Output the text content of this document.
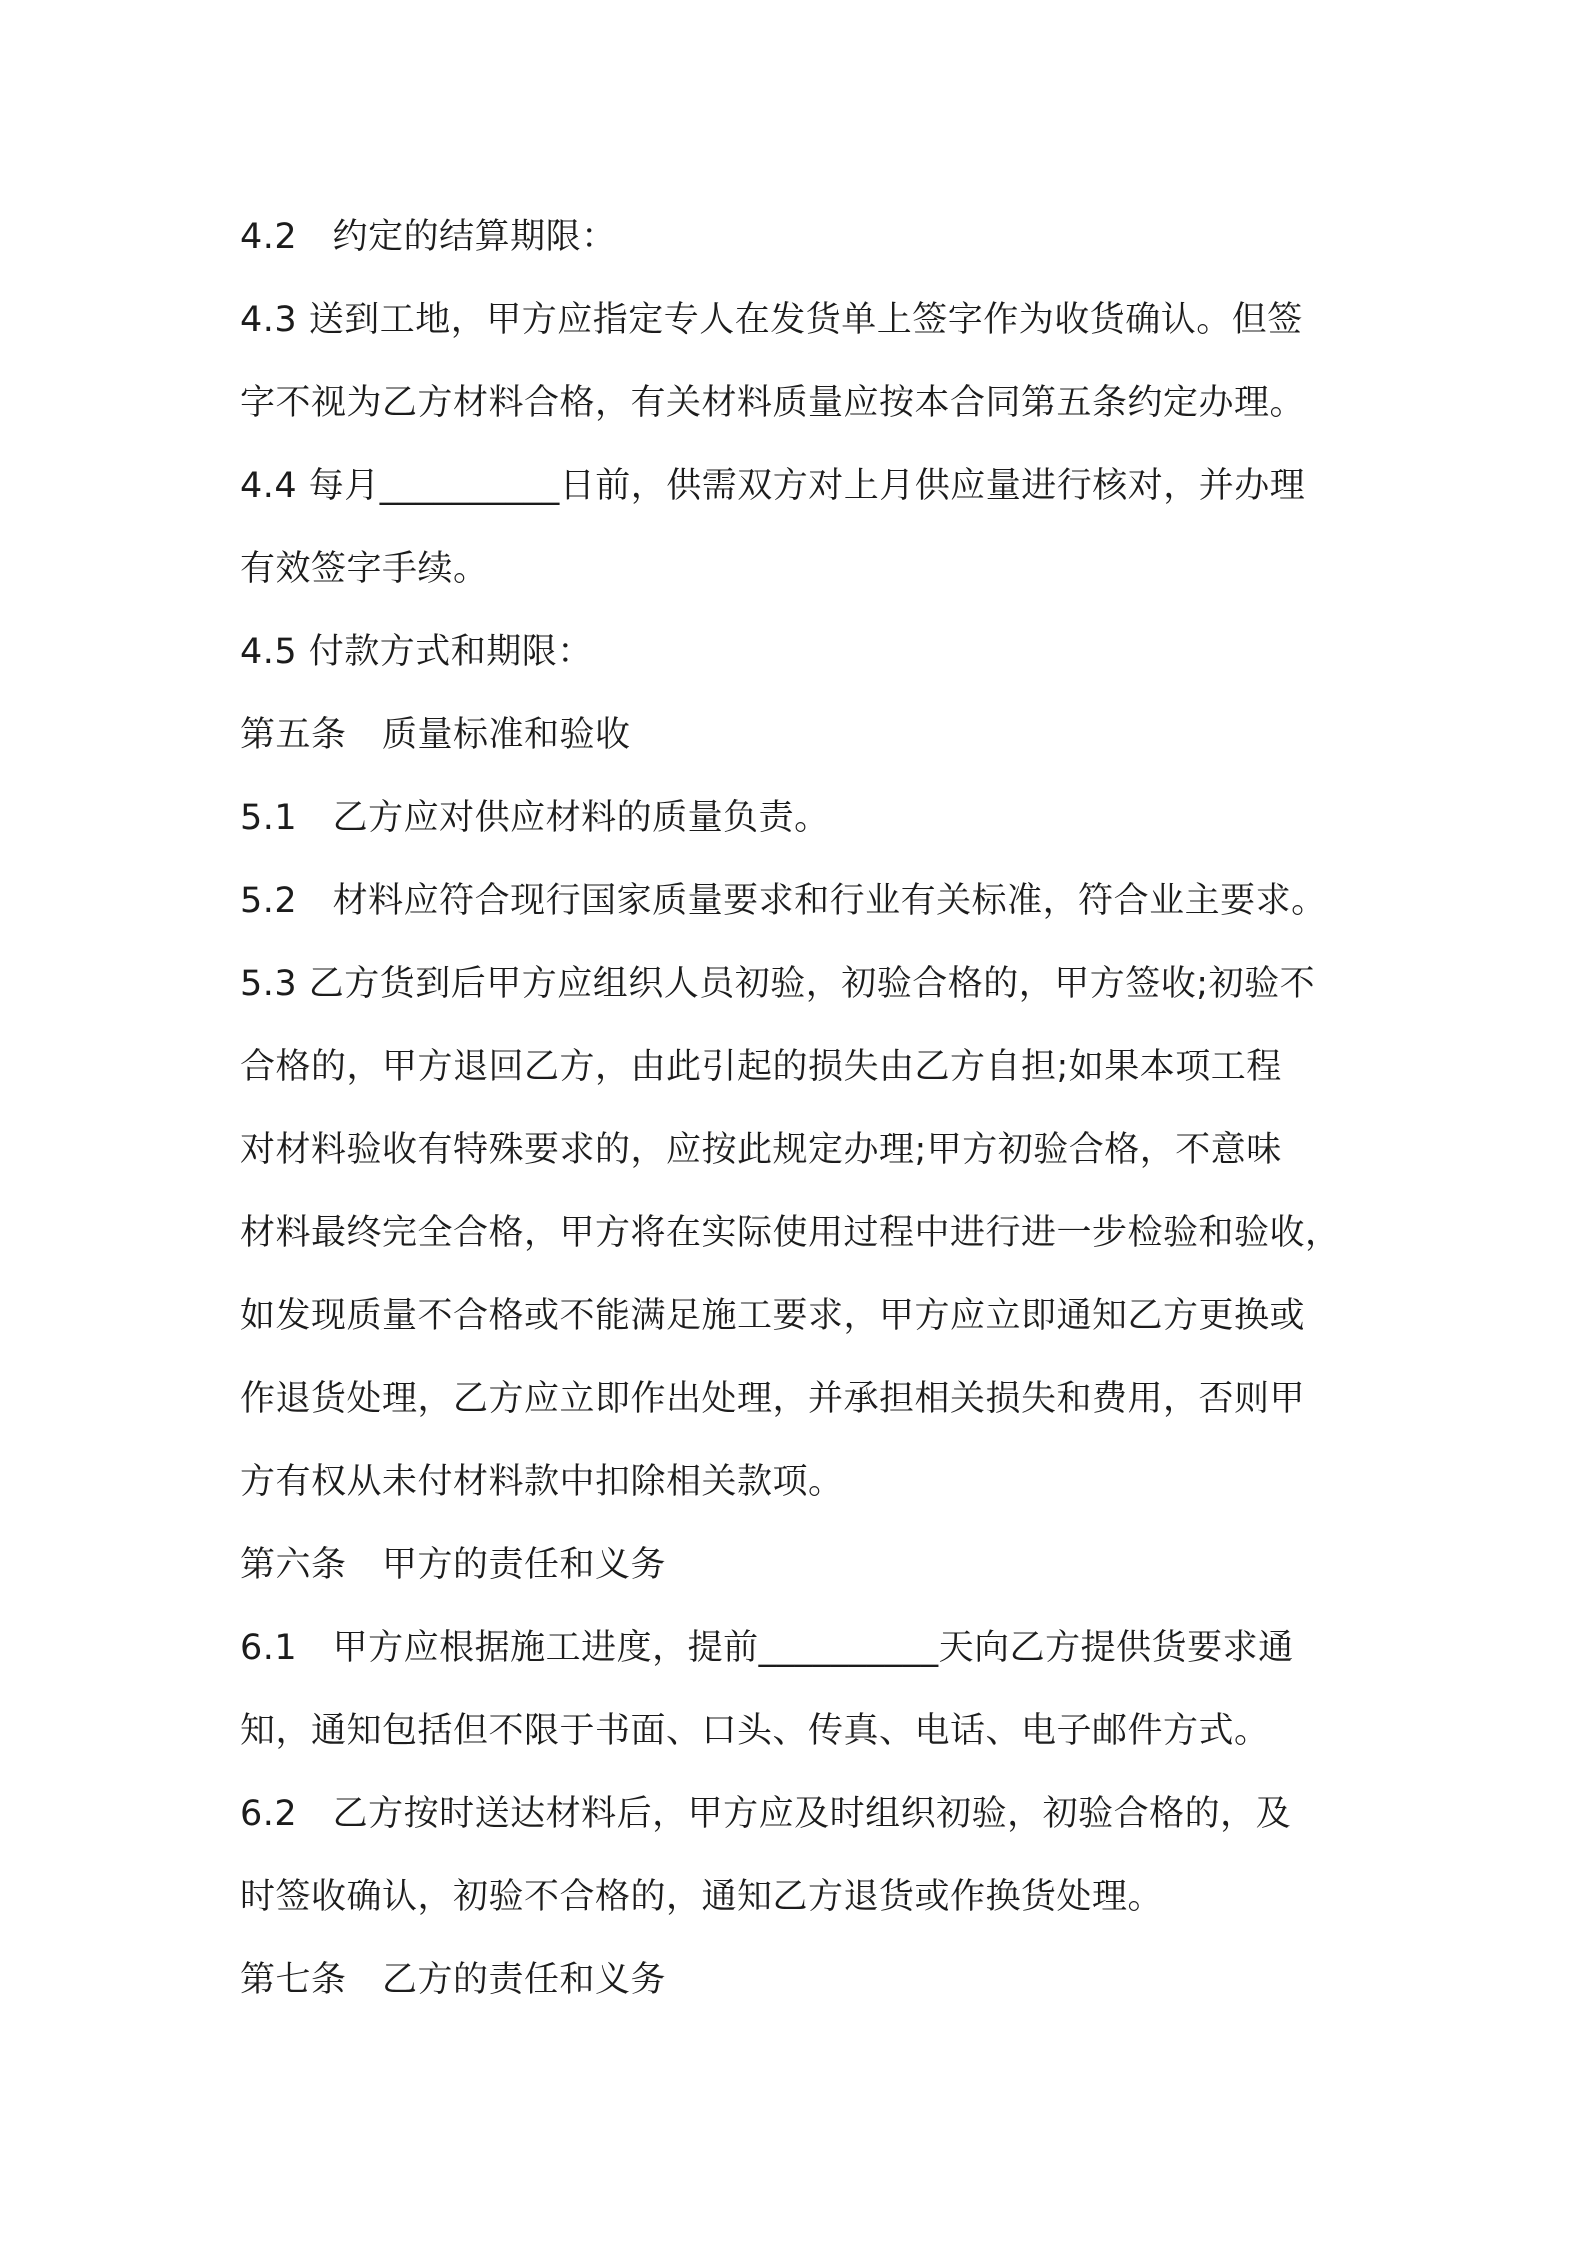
4.2　约定的结算期限：
4.3 送到工地，甲方应指定专人在发货单上签字作为收货确认。但签
字不视为乙方材料合格，有关材料质量应按本合同第五条约定办理。
4.4 每月__________日前，供需双方对上月供应量进行核对，并办理
有效签字手续。
4.5 付款方式和期限：
第五条　质量标准和验收
5.1　乙方应对供应材料的质量负责。
5.2　材料应符合现行国家质量要求和行业有关标准，符合业主要求。
5.3 乙方货到后甲方应组织人员初验，初验合格的，甲方签收;初验不
合格的，甲方退回乙方，由此引起的损失由乙方自担;如果本项工程
对材料验收有特殊要求的，应按此规定办理;甲方初验合格，不意味
材料最终完全合格，甲方将在实际使用过程中进行进一步检验和验收，
如发现质量不合格或不能满足施工要求，甲方应立即通知乙方更换或
作退货处理，乙方应立即作出处理，并承担相关损失和费用，否则甲
方有权从未付材料款中扣除相关款项。
第六条　甲方的责任和义务
6.1　甲方应根据施工进度，提前__________天向乙方提供货要求通
知，通知包括但不限于书面、口头、传真、电话、电子邮件方式。
6.2　乙方按时送达材料后，甲方应及时组织初验，初验合格的，及
时签收确认，初验不合格的，通知乙方退货或作换货处理。
第七条　乙方的责任和义务
